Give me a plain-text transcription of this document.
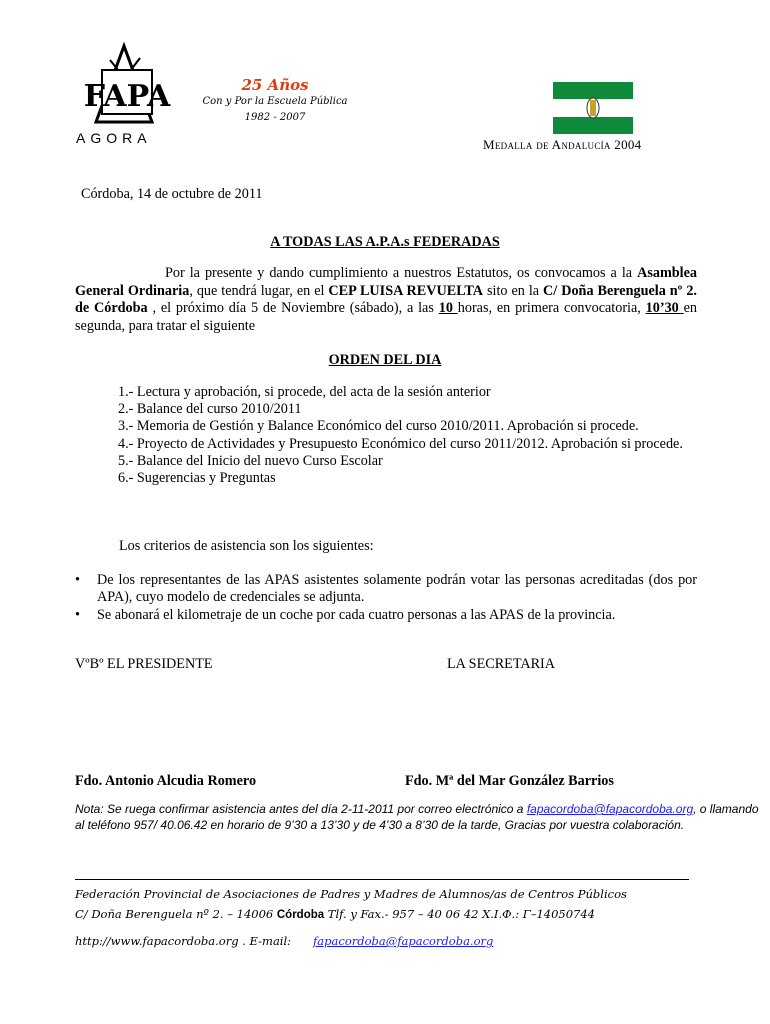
FAPA
AGORA
25 Años
Con y Por la Escuela Pública
1982 - 2007
Medalla de Andalucía 2004
Córdoba, 14 de octubre de 2011
A TODAS LAS A.P.A.s FEDERADAS
Por la presente y dando cumplimiento a nuestros Estatutos, os convocamos a la Asamblea General Ordinaria, que tendrá lugar, en el CEP LUISA REVUELTA sito en la C/ Doña Berenguela nº 2. de Córdoba , el próximo día 5 de Noviembre (sábado), a las 10 horas, en primera convocatoria, 10’30 en segunda, para tratar el siguiente
ORDEN DEL DIA
1.- Lectura y aprobación, si procede, del acta de la sesión anterior
2.- Balance del curso 2010/2011
3.- Memoria de Gestión y Balance Económico del curso 2010/2011. Aprobación si procede.
4.- Proyecto de Actividades y Presupuesto Económico del curso 2011/2012. Aprobación si procede.
5.- Balance del Inicio del nuevo Curso Escolar
6.- Sugerencias y Preguntas
Los criterios de asistencia son los siguientes:
• De los representantes de las APAS asistentes solamente podrán votar las personas acreditadas (dos por APA), cuyo modelo de credenciales se adjunta.
• Se abonará el kilometraje de un coche por cada cuatro personas a las APAS de la provincia.
VºBº EL PRESIDENTE	LA SECRETARIA
Fdo. Antonio Alcudia Romero	Fdo. Mª del Mar González Barrios
Nota: Se ruega confirmar asistencia antes del día 2-11-2011 por correo electrónico a fapacordoba@fapacordoba.org, o llamando al teléfono 957/ 40.06.42 en horario de 9’30 a 13’30 y de 4’30 a 8’30 de la tarde, Gracias por vuestra colaboración.
Federación Provincial de Asociaciones de Padres y Madres de Alumnos/as de Centros Públicos
C/ Doña Berenguela nº 2. – 14006 Córdoba Tlf. y Fax.- 957 – 40 06 42 X.I.Φ.: Γ–14050744
http://www.fapacordoba.org . E-mail: fapacordoba@fapacordoba.org
